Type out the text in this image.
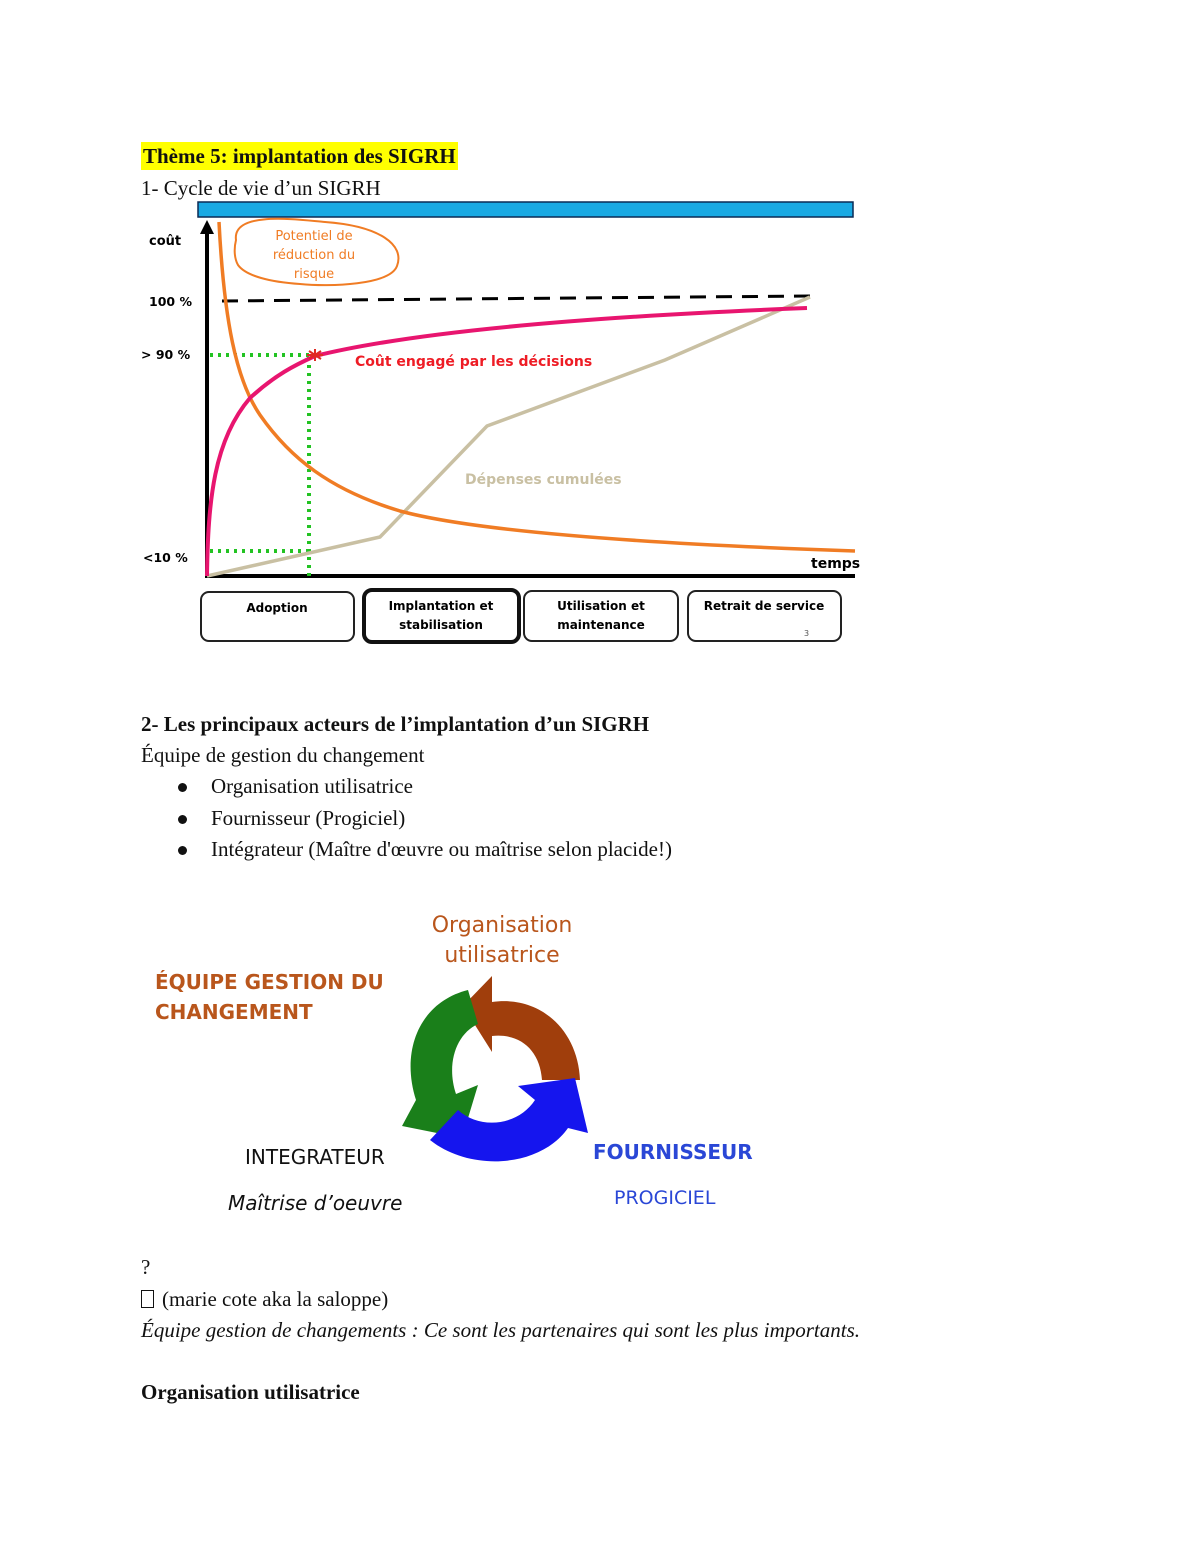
Thème 5: implantation des SIGRH
1- Cycle de vie d’un SIGRH
Potentiel de
réduction du
risque
coût
100 %
> 90 %
<10 %	temps
Coût engagé par les décisions
Dépenses cumulées
Adoption	Implantation et
stabilisation
Utilisation et
maintenance
Retrait de service
3
2- Les principaux acteurs de l’implantation d’un SIGRH
Équipe de gestion du changement
Organisation utilisatrice
Fournisseur (Progiciel)
Intégrateur (Maître d'œuvre ou maîtrise selon placide!)
Organisation
utilisatrice
ÉQUIPE GESTION DU
CHANGEMENT
INTEGRATEUR
Maîtrise d’oeuvre
FOURNISSEUR
PROGICIEL
?
(marie cote aka la saloppe)
Équipe gestion de changements : Ce sont les partenaires qui sont les plus importants.
Organisation utilisatrice
